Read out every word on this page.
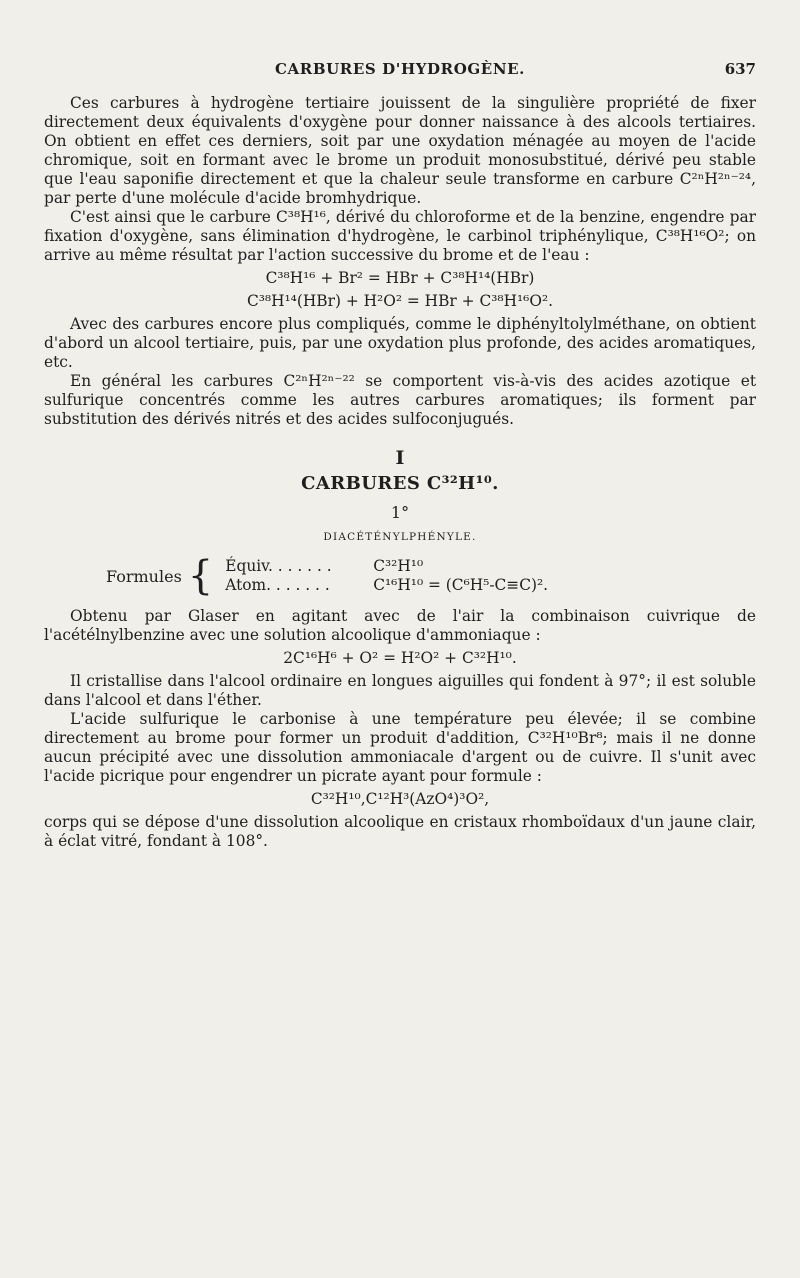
CARBURES D'HYDROGÈNE.	637

Ces carbures à hydrogène tertiaire jouissent de la singulière propriété de fixer directement deux équivalents d'oxygène pour donner naissance à des alcools tertiaires. On obtient en effet ces derniers, soit par une oxydation ménagée au moyen de l'acide chromique, soit en formant avec le brome un produit monosubstitué, dérivé peu stable que l'eau saponifie directement et que la chaleur seule transforme en carbure C²ⁿH²ⁿ⁻²⁴, par perte d'une molécule d'acide bromhydrique.

C'est ainsi que le carbure C³⁸H¹⁶, dérivé du chloroforme et de la benzine, engendre par fixation d'oxygène, sans élimination d'hydrogène, le carbinol triphénylique, C³⁸H¹⁶O²; on arrive au même résultat par l'action successive du brome et de l'eau :

C³⁸H¹⁶ + Br² = HBr + C³⁸H¹⁴(HBr)
C³⁸H¹⁴(HBr) + H²O² = HBr + C³⁸H¹⁶O².

Avec des carbures encore plus compliqués, comme le diphényltolylméthane, on obtient d'abord un alcool tertiaire, puis, par une oxydation plus profonde, des acides aromatiques, etc.

En général les carbures C²ⁿH²ⁿ⁻²² se comportent vis-à-vis des acides azotique et sulfurique concentrés comme les autres carbures aromatiques; ils forment par substitution des dérivés nitrés et des acides sulfoconjugués.

I
CARBURES C³²H¹⁰.
1°
DIACÉTÉNYLPHÉNYLE.
Formules { Équiv. . . . . . .	C³²H¹⁰
Atom. . . . . . .	C¹⁶H¹⁰ = (C⁶H⁵-C≡C)².

Obtenu par Glaser en agitant avec de l'air la combinaison cuivrique de l'acétélnylbenzine avec une solution alcoolique d'ammoniaque :

2C¹⁶H⁶ + O² = H²O² + C³²H¹⁰.

Il cristallise dans l'alcool ordinaire en longues aiguilles qui fondent à 97°; il est soluble dans l'alcool et dans l'éther.

L'acide sulfurique le carbonise à une température peu élevée; il se combine directement au brome pour former un produit d'addition, C³²H¹⁰Br⁸; mais il ne donne aucun précipité avec une dissolution ammoniacale d'argent ou de cuivre. Il s'unit avec l'acide picrique pour engendrer un picrate ayant pour formule :

C³²H¹⁰,C¹²H³(AzO⁴)³O²,

corps qui se dépose d'une dissolution alcoolique en cristaux rhomboïdaux d'un jaune clair, à éclat vitré, fondant à 108°.
